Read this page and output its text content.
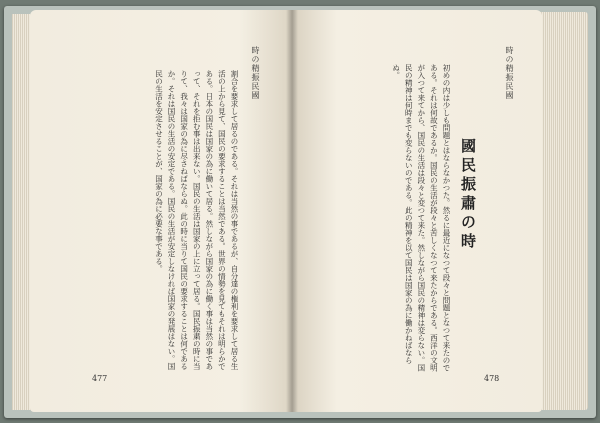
時の精振民國
割合を要求して居るのである。それは当然の事であるが、自分達の権利を要求して居る生活の上から見て、国民の要求することは当然である。世界の情勢を見てもそれは明らかである。日本の国民は国家の為に働いて居る。然しながら国家の為に働く事は当然の事であって、それを拒む事は出来ない。国民の生活は国家の上に立って居る。国民振粛の時に当りて、我々は国家の為に尽さねばならぬ。此の時に当りて国民の要求することは何であるか。それは国民の生活の安定である。国民の生活が安定しなければ国家の発展はない。国民の生活を安定させることが、国家の為に必要な事である。
477
時の精振民國
初めの内は少しも問題とはならなかつた。然るに最近になつて段々と問題となつて来たのである。それは何故であるか。国民の生活が段々と苦しくなつて来たからである。西洋の文明が入つて来てから、国民の生活は段々と変つて来た。然しながら国民の精神は変らない。国民の精神は何時までも変らないのである。此の精神を以て国民は国家の為に働かねばならぬ。
國民振肅の時
478
